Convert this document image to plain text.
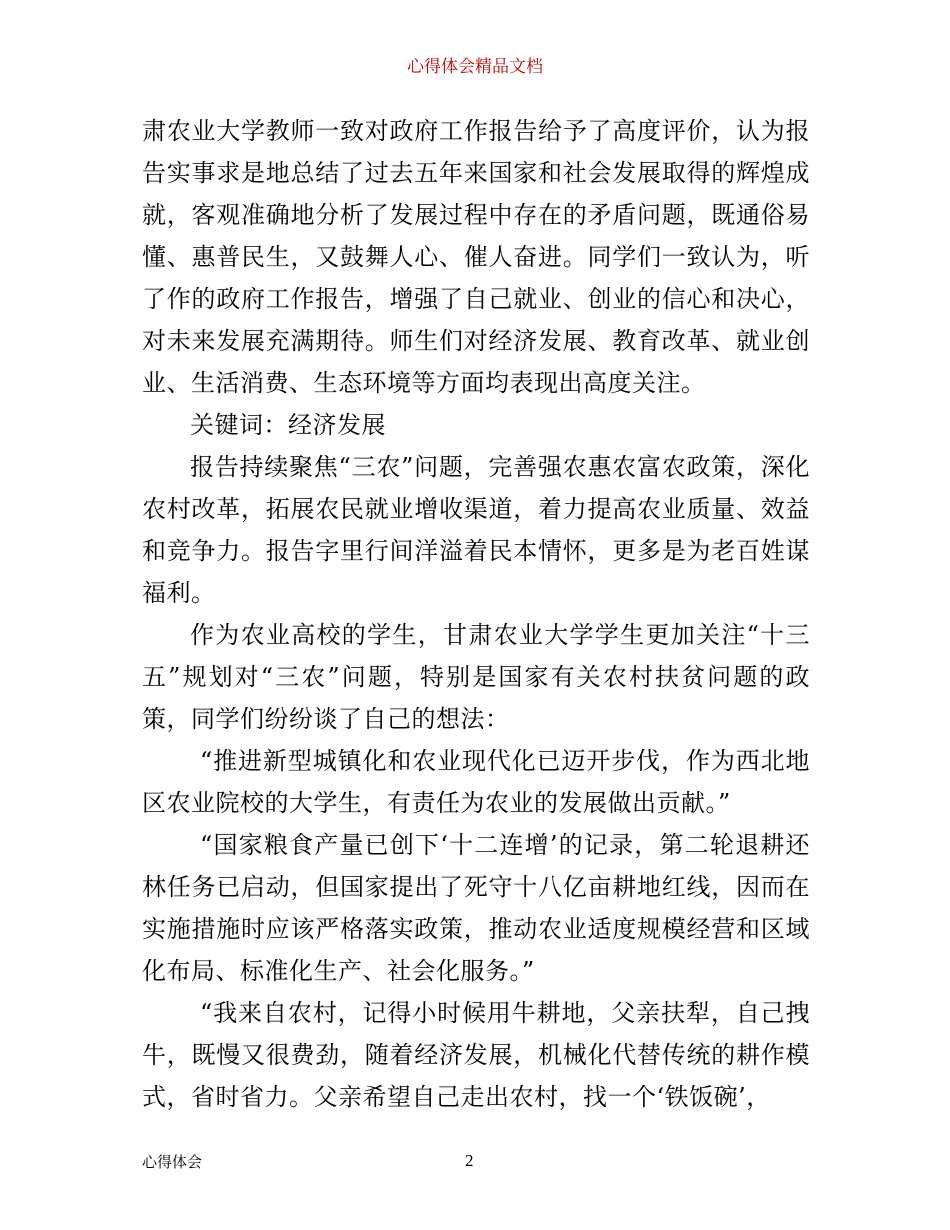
心得体会精品文档

肃农业大学教师一致对政府工作报告给予了高度评价，认为报告实事求是地总结了过去五年来国家和社会发展取得的辉煌成就，客观准确地分析了发展过程中存在的矛盾问题，既通俗易懂、惠普民生，又鼓舞人心、催人奋进。同学们一致认为，听了作的政府工作报告，增强了自己就业、创业的信心和决心，对未来发展充满期待。师生们对经济发展、教育改革、就业创业、生活消费、生态环境等方面均表现出高度关注。

关键词：经济发展

报告持续聚焦“三农”问题，完善强农惠农富农政策，深化农村改革，拓展农民就业增收渠道，着力提高农业质量、效益和竞争力。报告字里行间洋溢着民本情怀，更多是为老百姓谋福利。

作为农业高校的学生，甘肃农业大学学生更加关注“十三五”规划对“三农”问题，特别是国家有关农村扶贫问题的政策，同学们纷纷谈了自己的想法：

“推进新型城镇化和农业现代化已迈开步伐，作为西北地区农业院校的大学生，有责任为农业的发展做出贡献。”

“国家粮食产量已创下‘十二连增’的记录，第二轮退耕还林任务已启动，但国家提出了死守十八亿亩耕地红线，因而在实施措施时应该严格落实政策，推动农业适度规模经营和区域化布局、标准化生产、社会化服务。”

“我来自农村，记得小时候用牛耕地，父亲扶犁，自己拽牛，既慢又很费劲，随着经济发展，机械化代替传统的耕作模式，省时省力。父亲希望自己走出农村，找一个‘铁饭碗’，

心得体会	2
